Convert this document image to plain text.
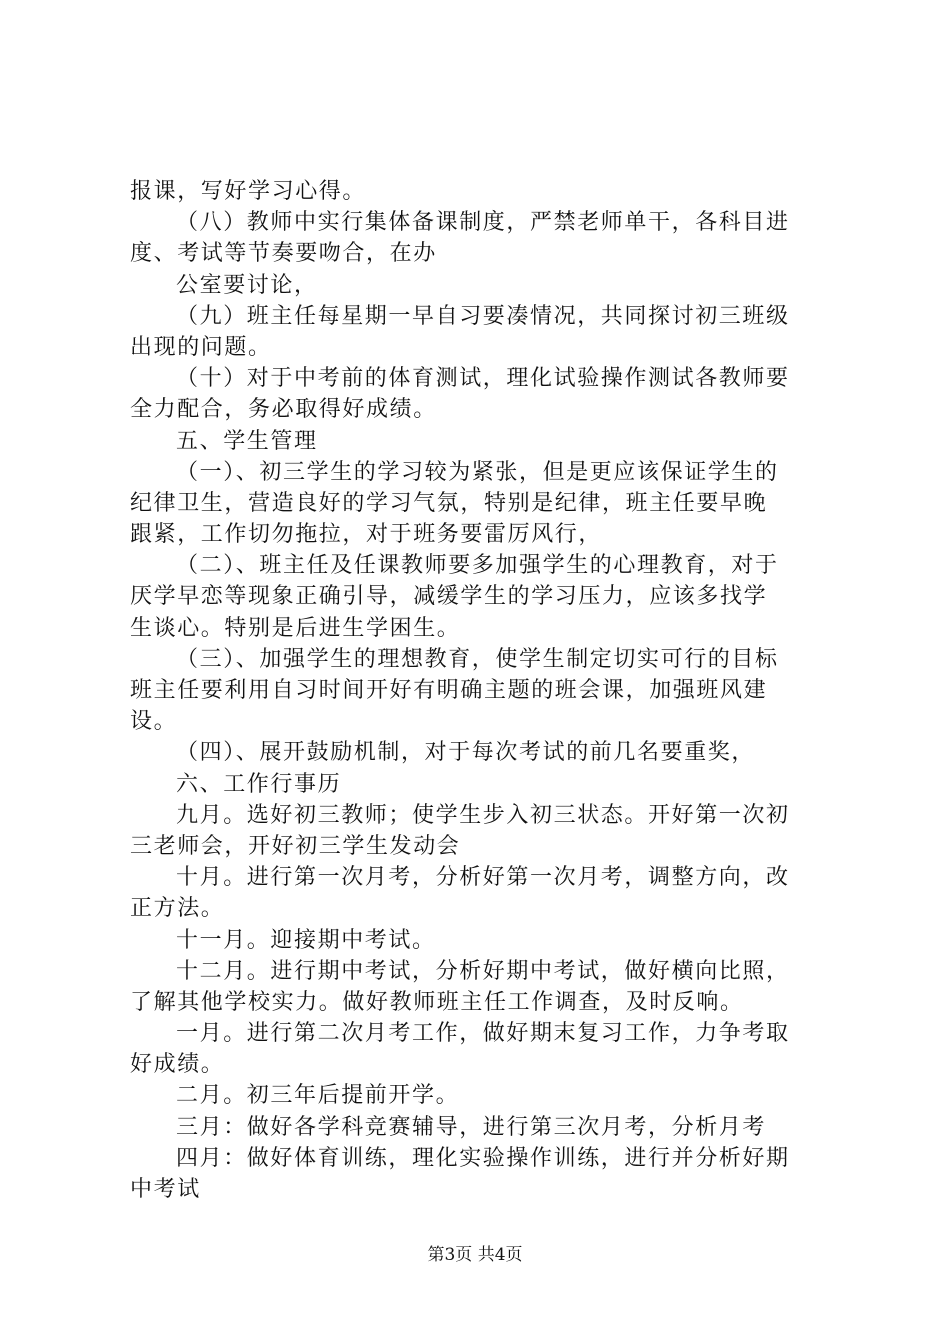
报课，写好学习心得。
（八）教师中实行集体备课制度，严禁老师单干，各科目进
度、考试等节奏要吻合，在办
公室要讨论，
（九）班主任每星期一早自习要凑情况，共同探讨初三班级
出现的问题。
（十）对于中考前的体育测试，理化试验操作测试各教师要
全力配合，务必取得好成绩。
五、学生管理
（一）、初三学生的学习较为紧张，但是更应该保证学生的
纪律卫生，营造良好的学习气氛，特别是纪律，班主任要早晚
跟紧，工作切勿拖拉，对于班务要雷厉风行，
（二）、班主任及任课教师要多加强学生的心理教育，对于
厌学早恋等现象正确引导，减缓学生的学习压力，应该多找学
生谈心。特别是后进生学困生。
（三）、加强学生的理想教育，使学生制定切实可行的目标
班主任要利用自习时间开好有明确主题的班会课，加强班风建
设。
（四）、展开鼓励机制，对于每次考试的前几名要重奖，
六、工作行事历
九月。选好初三教师；使学生步入初三状态。开好第一次初
三老师会，开好初三学生发动会
十月。进行第一次月考，分析好第一次月考，调整方向，改
正方法。
十一月。迎接期中考试。
十二月。进行期中考试，分析好期中考试，做好横向比照，
了解其他学校实力。做好教师班主任工作调查，及时反响。
一月。进行第二次月考工作，做好期末复习工作，力争考取
好成绩。
二月。初三年后提前开学。
三月：做好各学科竞赛辅导，进行第三次月考，分析月考
四月：做好体育训练，理化实验操作训练，进行并分析好期
中考试
第3页 共4页
